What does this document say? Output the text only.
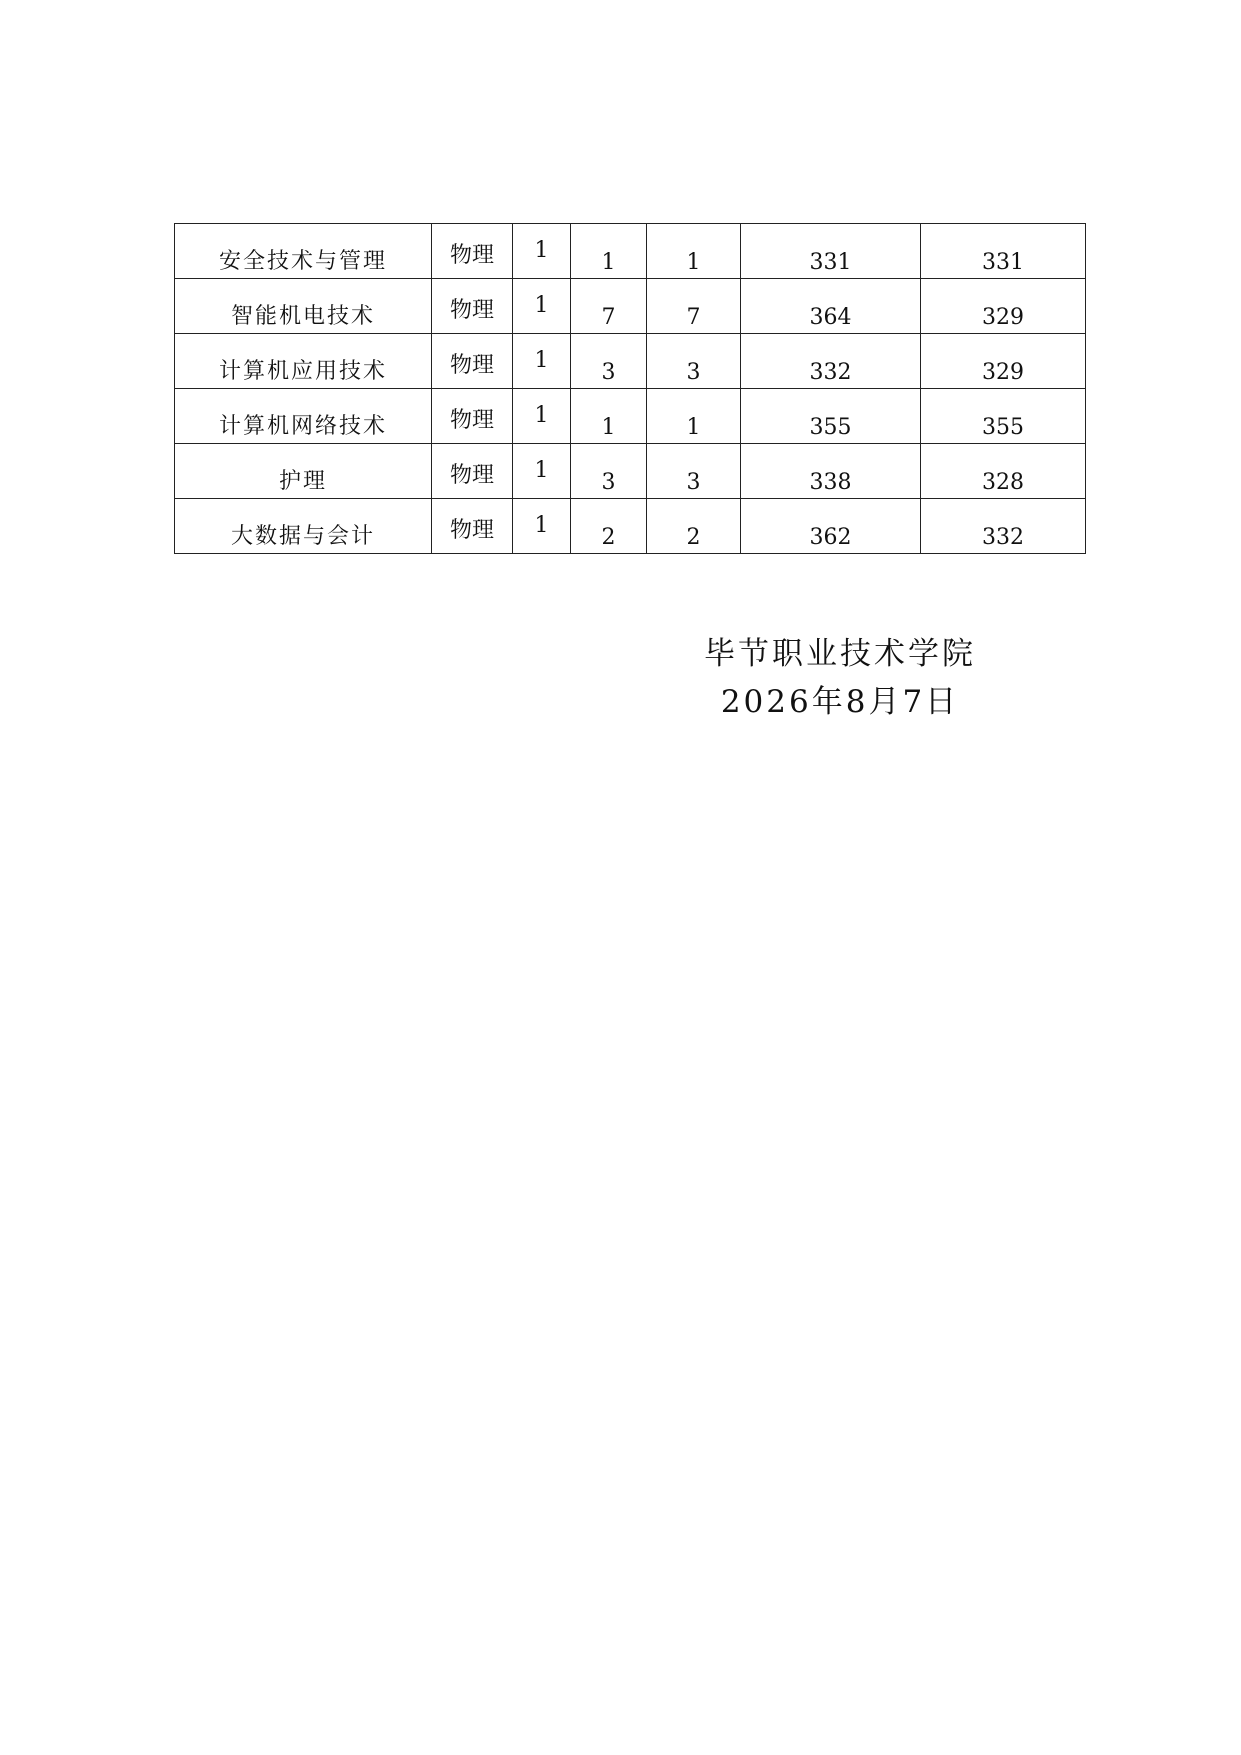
安全技术与管理	物理	1	1	1	331	331
智能机电技术	物理	1	7	7	364	329
计算机应用技术	物理	1	3	3	332	329
计算机网络技术	物理	1	1	1	355	355
护理	物理	1	3	3	338	328
大数据与会计	物理	1	2	2	362	332
毕节职业技术学院
2026年8月7日
